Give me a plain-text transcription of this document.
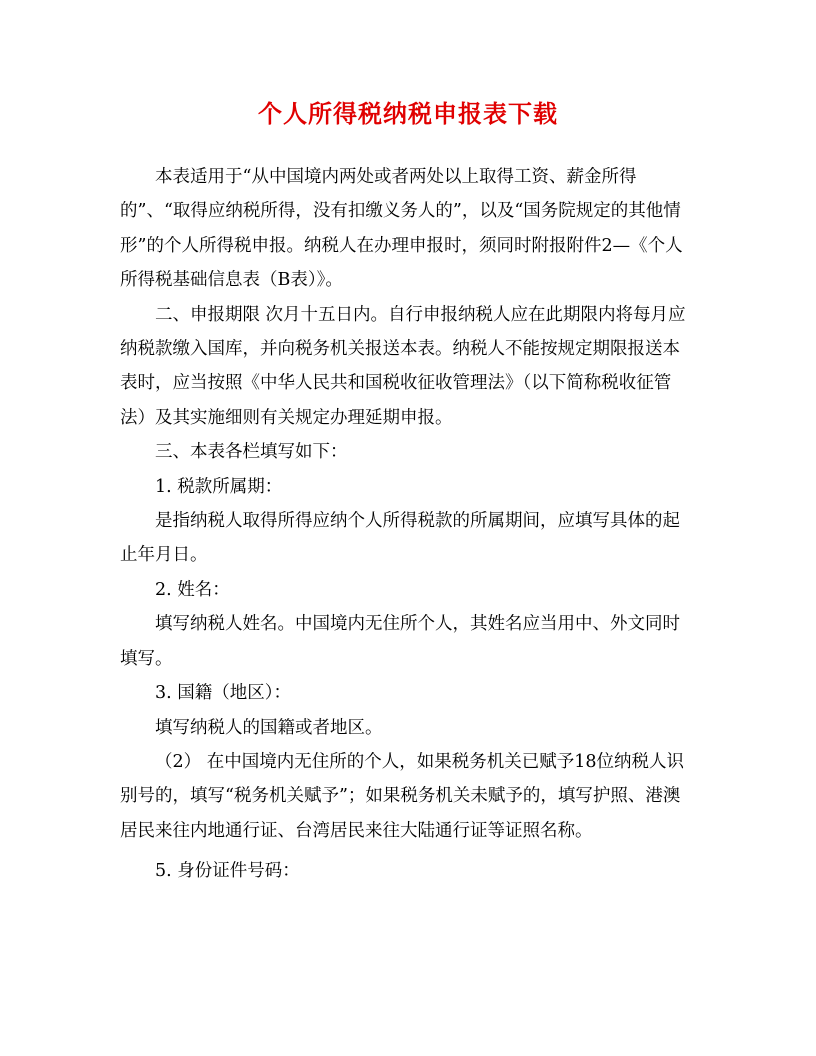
个人所得税纳税申报表下载

本表适用于“从中国境内两处或者两处以上取得工资、薪金所得的”、“取得应纳税所得，没有扣缴义务人的”，以及“国务院规定的其他情形”的个人所得税申报。纳税人在办理申报时，须同时附报附件2—《个人所得税基础信息表（B表）》。

二、申报期限 次月十五日内。自行申报纳税人应在此期限内将每月应纳税款缴入国库，并向税务机关报送本表。纳税人不能按规定期限报送本表时，应当按照《中华人民共和国税收征收管理法》（以下简称税收征管法）及其实施细则有关规定办理延期申报。

三、本表各栏填写如下：

1. 税款所属期：

是指纳税人取得所得应纳个人所得税款的所属期间，应填写具体的起止年月日。

2. 姓名：

填写纳税人姓名。中国境内无住所个人，其姓名应当用中、外文同时填写。

3. 国籍（地区）：

填写纳税人的国籍或者地区。

（2） 在中国境内无住所的个人，如果税务机关已赋予18位纳税人识别号的，填写“税务机关赋予”；如果税务机关未赋予的，填写护照、港澳居民来往内地通行证、台湾居民来往大陆通行证等证照名称。

5. 身份证件号码：
